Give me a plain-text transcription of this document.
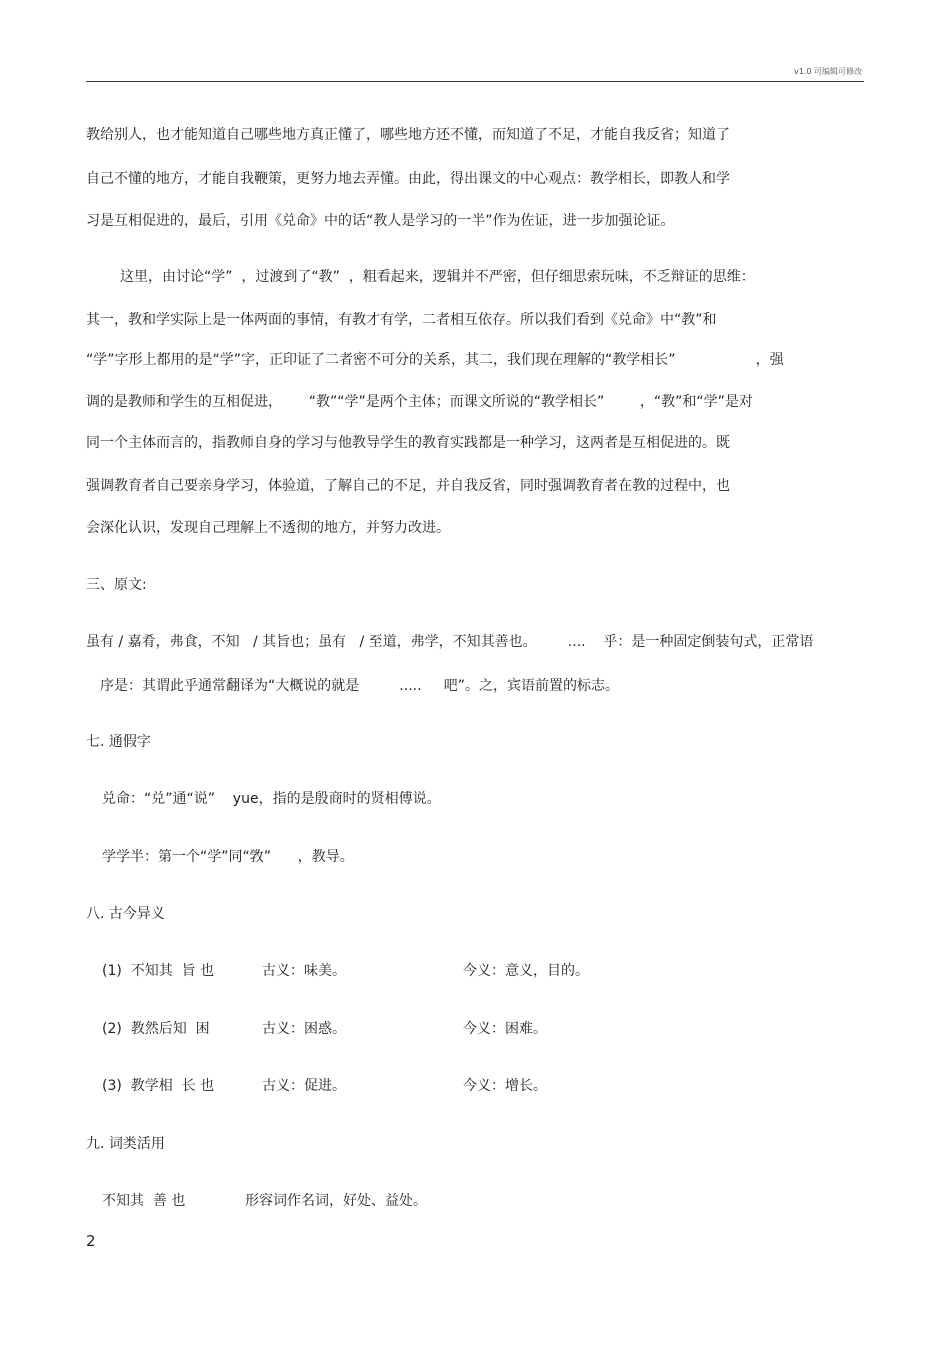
v1.0 可编辑可修改
教给别人，也才能知道自己哪些地方真正懂了，哪些地方还不懂，而知道了不足，才能自我反省；知道了
自己不懂的地方，才能自我鞭策，更努力地去弄懂。由此，得出课文的中心观点：教学相长，即教人和学
习是互相促进的，最后，引用《兑命》中的话“教人是学习的一半”作为佐证，进一步加强论证。
这里，由讨论“学”  ，过渡到了“教”  ，粗看起来，逻辑并不严密，但仔细思索玩味，不乏辩证的思维：
其一，教和学实际上是一体两面的事情，有教才有学，二者相互依存。所以我们看到《兑命》中“教”和
“学”字形上都用的是“学”字，正印证了二者密不可分的关系，其二，我们现在理解的“教学相长”                  ，强
调的是教师和学生的互相促进，      “教”“学”是两个主体；而课文所说的“教学相长”        ，“教”和“学”是对
同一个主体而言的，指教师自身的学习与他教导学生的教育实践都是一种学习，这两者是互相促进的。既
强调教育者自己要亲身学习，体验道，了解自己的不足，并自我反省，同时强调教育者在教的过程中，也
会深化认识，发现自己理解上不透彻的地方，并努力改进。
三、原文:
虽有 / 嘉肴，弗食，不知   / 其旨也；虽有   / 至道，弗学，不知其善也。       ....    乎：是一种固定倒装句式，正常语
序是：其谓此乎通常翻译为“大概说的就是         .....     吧”。之，宾语前置的标志。
七. 通假字
兑命：“兑”通“说”    yue，指的是殷商时的贤相傅说。
学学半：第一个“学”同“敩”      ，教导。
八. 古今异义
(1)  不知其  旨 也	古义：味美。	今义：意义，目的。
(2)  教然后知  困	古义：困惑。	今义：困难。
(3)  教学相  长 也	古义：促进。	今义：增长。
九. 词类活用
不知其  善 也	形容词作名词，好处、益处。
2
